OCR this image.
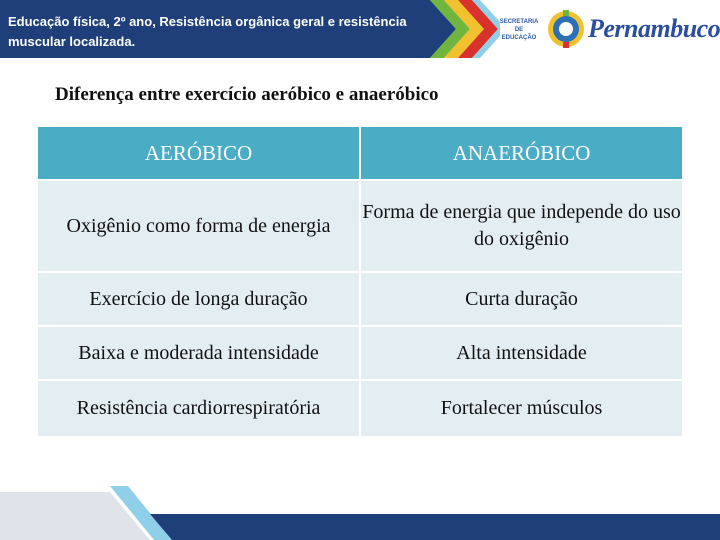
Educação física, 2º ano, Resistência orgânica geral e resistência muscular localizada.
SECRETARIA DE EDUCAÇÃO Pernambuco
Diferença entre exercício aeróbico e anaeróbico
AERÓBICO	ANAERÓBICO
Oxigênio como forma de energia	Forma de energia que independe do uso do oxigênio
Exercício de longa duração	Curta duração
Baixa e moderada intensidade	Alta intensidade
Resistência cardiorrespiratória	Fortalecer músculos
